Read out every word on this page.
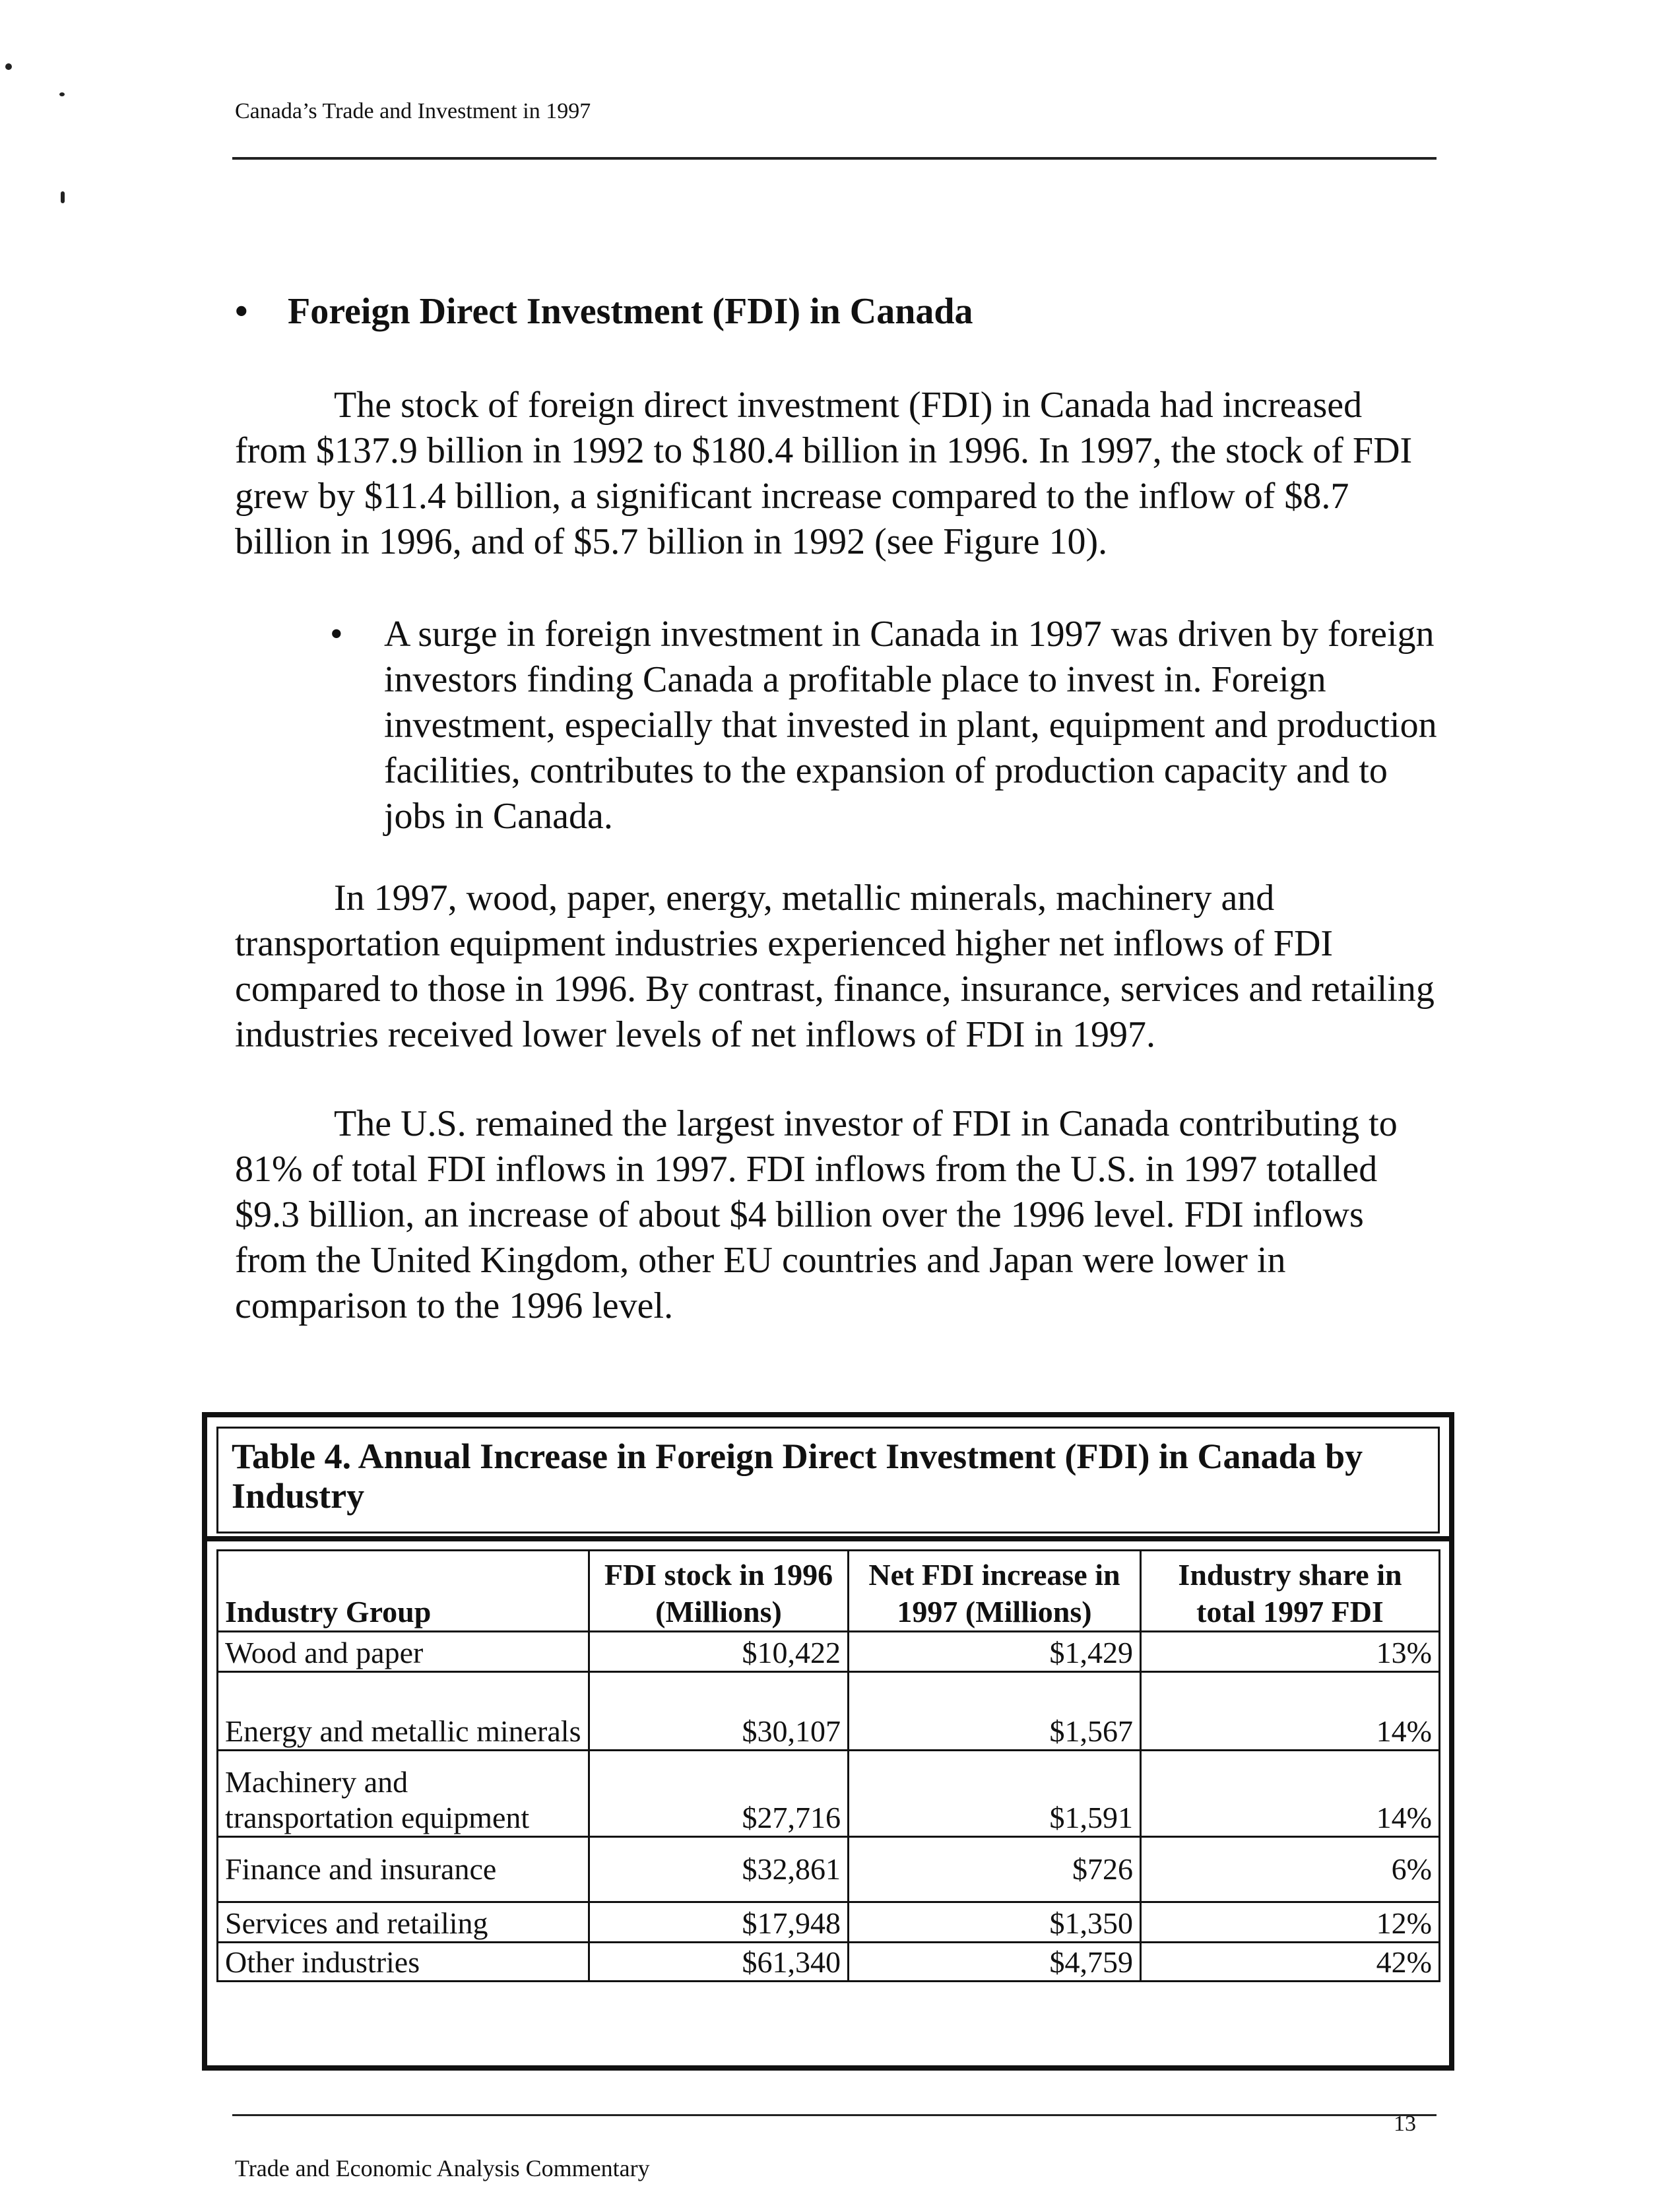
Canada’s Trade and Investment in 1997
•	Foreign Direct Investment (FDI) in Canada

The stock of foreign direct investment (FDI) in Canada had increased from $137.9 billion in 1992 to $180.4 billion in 1996. In 1997, the stock of FDI grew by $11.4 billion, a significant increase compared to the inflow of $8.7 billion in 1996, and of $5.7 billion in 1992 (see Figure 10).

•	A surge in foreign investment in Canada in 1997 was driven by foreign investors finding Canada a profitable place to invest in. Foreign investment, especially that invested in plant, equipment and production facilities, contributes to the expansion of production capacity and to jobs in Canada.

In 1997, wood, paper, energy, metallic minerals, machinery and transportation equipment industries experienced higher net inflows of FDI compared to those in 1996. By contrast, finance, insurance, services and retailing industries received lower levels of net inflows of FDI in 1997.

The U.S. remained the largest investor of FDI in Canada contributing to 81% of total FDI inflows in 1997. FDI inflows from the U.S. in 1997 totalled $9.3 billion, an increase of about $4 billion over the 1996 level. FDI inflows from the United Kingdom, other EU countries and Japan were lower in comparison to the 1996 level.

Table 4. Annual Increase in Foreign Direct Investment (FDI) in Canada by Industry

Industry Group	FDI stock in 1996 (Millions)	Net FDI increase in 1997 (Millions)	Industry share in total 1997 FDI
Wood and paper	$10,422	$1,429	13%
Energy and metallic minerals	$30,107	$1,567	14%
Machinery and transportation equipment	$27,716	$1,591	14%
Finance and insurance	$32,861	$726	6%
Services and retailing	$17,948	$1,350	12%
Other industries	$61,340	$4,759	42%
13
Trade and Economic Analysis Commentary
